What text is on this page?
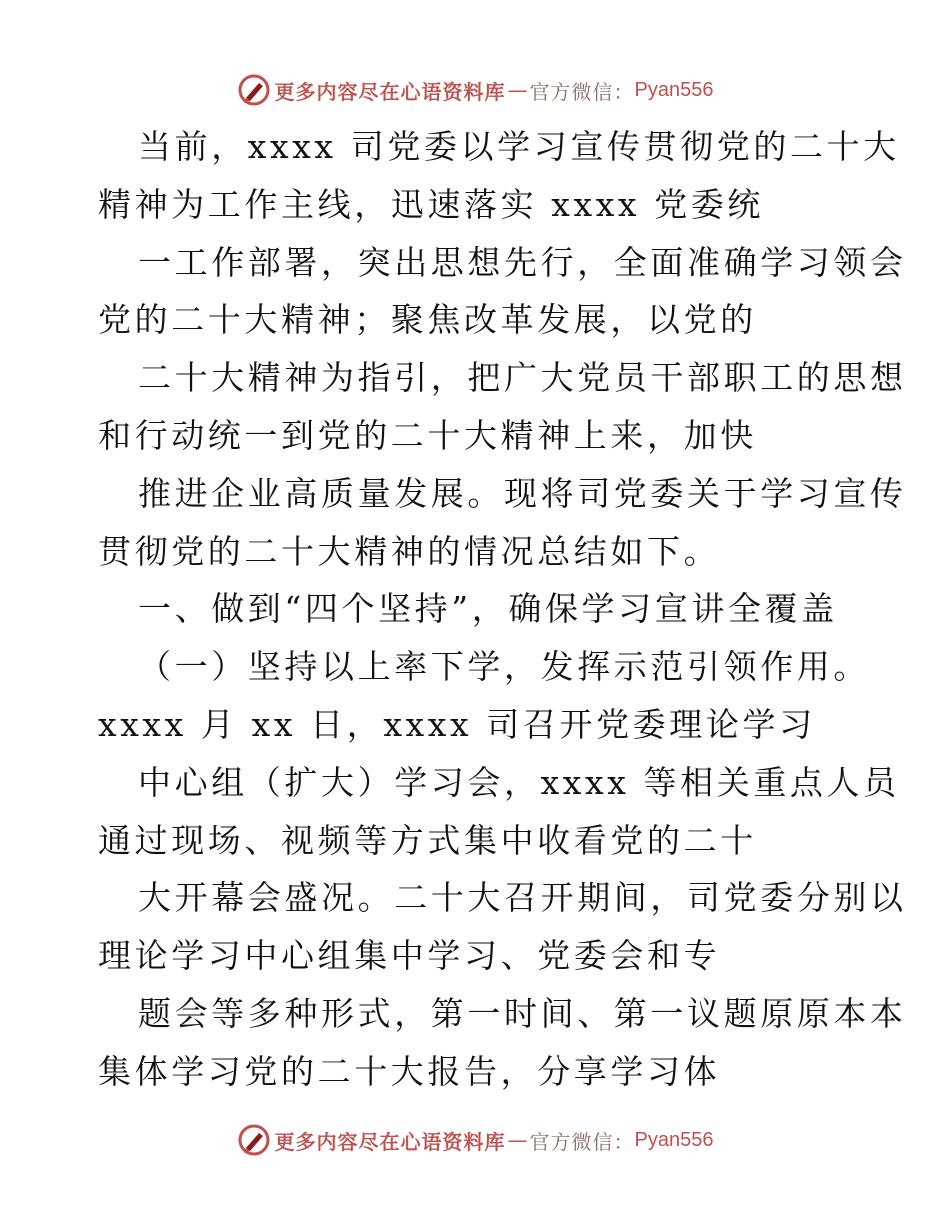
更多内容尽在心语资料库 — 官方微信： Pyan556
当前，xxxx 司党委以学习宣传贯彻党的二十大
精神为工作主线，迅速落实 xxxx 党委统
一工作部署，突出思想先行，全面准确学习领会
党的二十大精神；聚焦改革发展，以党的
二十大精神为指引，把广大党员干部职工的思想
和行动统一到党的二十大精神上来，加快
推进企业高质量发展。现将司党委关于学习宣传
贯彻党的二十大精神的情况总结如下。
一、做到“四个坚持”，确保学习宣讲全覆盖
（一）坚持以上率下学，发挥示范引领作用。
xxxx 月 xx 日，xxxx 司召开党委理论学习
中心组（扩大）学习会，xxxx 等相关重点人员
通过现场、视频等方式集中收看党的二十
大开幕会盛况。二十大召开期间，司党委分别以
理论学习中心组集中学习、党委会和专
题会等多种形式，第一时间、第一议题原原本本
集体学习党的二十大报告，分享学习体
更多内容尽在心语资料库 — 官方微信： Pyan556
